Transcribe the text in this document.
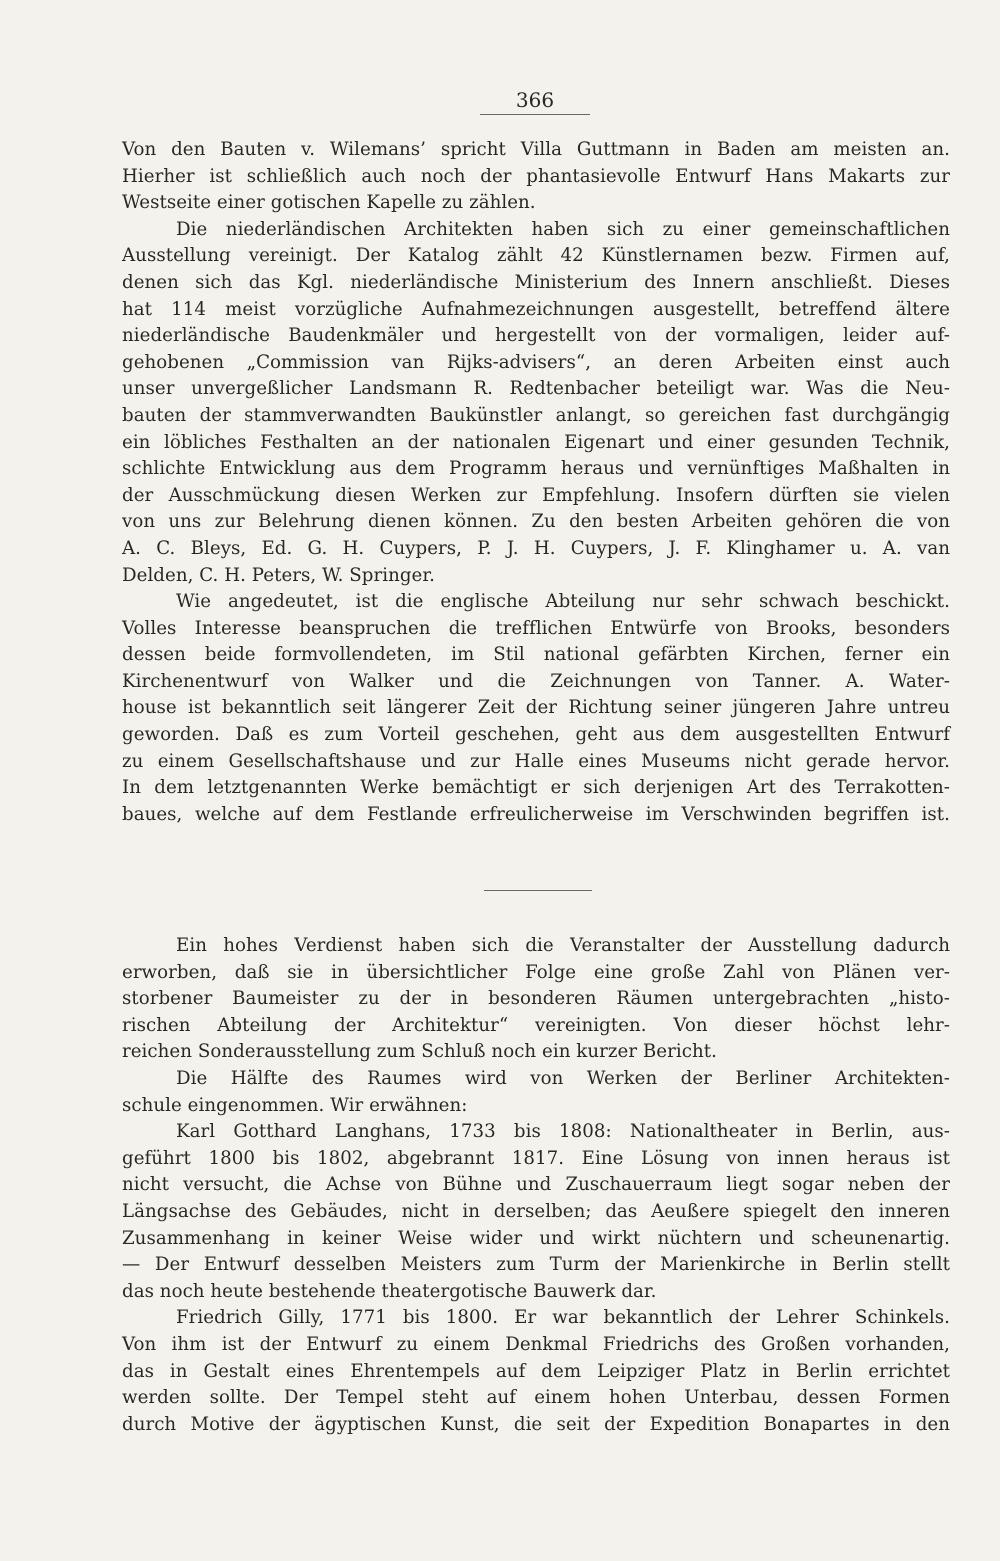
366
Von den Bauten v. Wilemans’ spricht Villa Guttmann in Baden am meisten an.
Hierher ist schließlich auch noch der phantasievolle Entwurf Hans Makarts zur
Westseite einer gotischen Kapelle zu zählen.
Die niederländischen Architekten haben sich zu einer gemeinschaftlichen
Ausstellung vereinigt. Der Katalog zählt 42 Künstlernamen bezw. Firmen auf,
denen sich das Kgl. niederländische Ministerium des Innern anschließt. Dieses
hat 114 meist vorzügliche Aufnahmezeichnungen ausgestellt, betreffend ältere
niederländische Baudenkmäler und hergestellt von der vormaligen, leider auf-
gehobenen „Commission van Rijks-advisers“, an deren Arbeiten einst auch
unser unvergeßlicher Landsmann R. Redtenbacher beteiligt war. Was die Neu-
bauten der stammverwandten Baukünstler anlangt, so gereichen fast durchgängig
ein löbliches Festhalten an der nationalen Eigenart und einer gesunden Technik,
schlichte Entwicklung aus dem Programm heraus und vernünftiges Maßhalten in
der Ausschmückung diesen Werken zur Empfehlung. Insofern dürften sie vielen
von uns zur Belehrung dienen können. Zu den besten Arbeiten gehören die von
A. C. Bleys, Ed. G. H. Cuypers, P. J. H. Cuypers, J. F. Klinghamer u. A. van
Delden, C. H. Peters, W. Springer.
Wie angedeutet, ist die englische Abteilung nur sehr schwach beschickt.
Volles Interesse beanspruchen die trefflichen Entwürfe von Brooks, besonders
dessen beide formvollendeten, im Stil national gefärbten Kirchen, ferner ein
Kirchenentwurf von Walker und die Zeichnungen von Tanner. A. Water-
house ist bekanntlich seit längerer Zeit der Richtung seiner jüngeren Jahre untreu
geworden. Daß es zum Vorteil geschehen, geht aus dem ausgestellten Entwurf
zu einem Gesellschaftshause und zur Halle eines Museums nicht gerade hervor.
In dem letztgenannten Werke bemächtigt er sich derjenigen Art des Terrakotten-
baues, welche auf dem Festlande erfreulicherweise im Verschwinden begriffen ist.
Ein hohes Verdienst haben sich die Veranstalter der Ausstellung dadurch
erworben, daß sie in übersichtlicher Folge eine große Zahl von Plänen ver-
storbener Baumeister zu der in besonderen Räumen untergebrachten „histo-
rischen Abteilung der Architektur“ vereinigten. Von dieser höchst lehr-
reichen Sonderausstellung zum Schluß noch ein kurzer Bericht.
Die Hälfte des Raumes wird von Werken der Berliner Architekten-
schule eingenommen. Wir erwähnen:
Karl Gotthard Langhans, 1733 bis 1808: Nationaltheater in Berlin, aus-
geführt 1800 bis 1802, abgebrannt 1817. Eine Lösung von innen heraus ist
nicht versucht, die Achse von Bühne und Zuschauerraum liegt sogar neben der
Längsachse des Gebäudes, nicht in derselben; das Aeußere spiegelt den inneren
Zusammenhang in keiner Weise wider und wirkt nüchtern und scheunenartig.
— Der Entwurf desselben Meisters zum Turm der Marienkirche in Berlin stellt
das noch heute bestehende theatergotische Bauwerk dar.
Friedrich Gilly, 1771 bis 1800. Er war bekanntlich der Lehrer Schinkels.
Von ihm ist der Entwurf zu einem Denkmal Friedrichs des Großen vorhanden,
das in Gestalt eines Ehrentempels auf dem Leipziger Platz in Berlin errichtet
werden sollte. Der Tempel steht auf einem hohen Unterbau, dessen Formen
durch Motive der ägyptischen Kunst, die seit der Expedition Bonapartes in den
